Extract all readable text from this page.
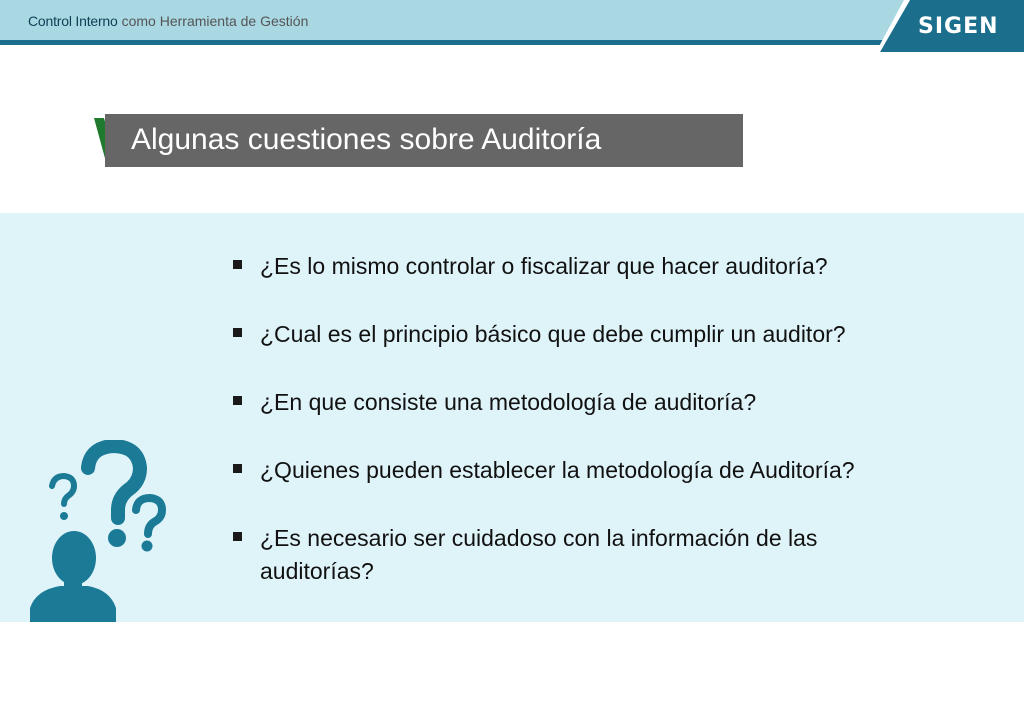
Control Interno como Herramienta de Gestión	SIGEN
Algunas cuestiones sobre Auditoría
¿Es lo mismo controlar o fiscalizar que hacer auditoría?
¿Cual es el principio básico que debe cumplir un auditor?
¿En que consiste una metodología de auditoría?
¿Quienes pueden establecer la metodología de Auditoría?
¿Es necesario ser cuidadoso con la información de las auditorías?
